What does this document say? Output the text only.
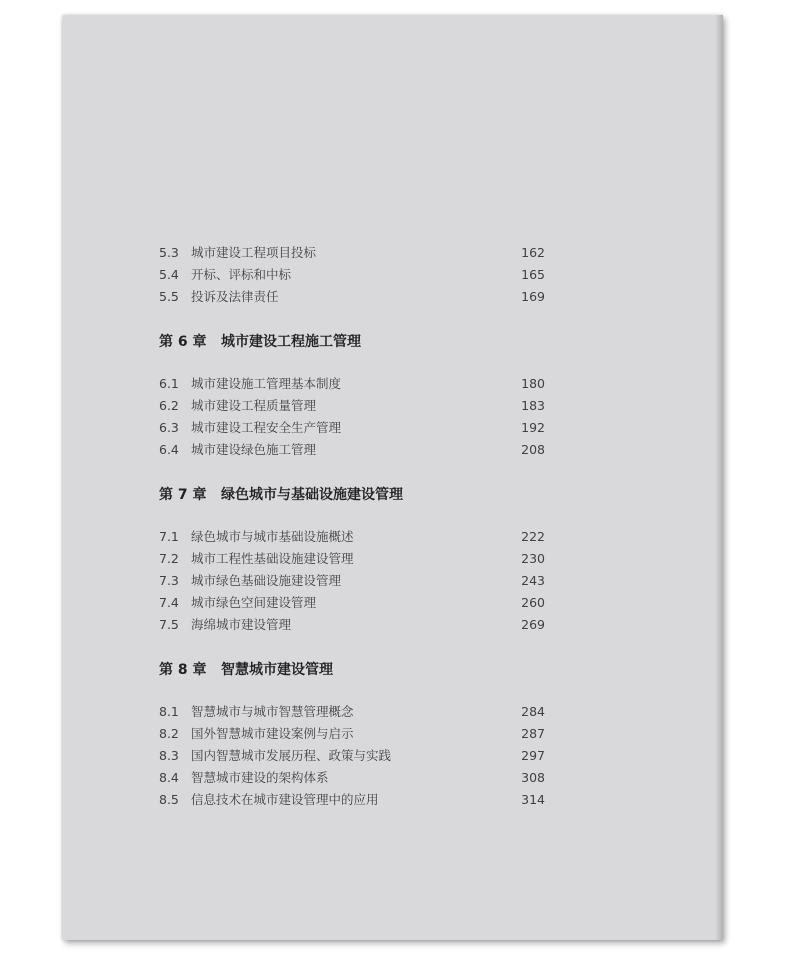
5.3 城市建设工程项目投标	162
5.4 开标、评标和中标	165
5.5 投诉及法律责任	169
第 6 章 城市建设工程施工管理
6.1 城市建设施工管理基本制度	180
6.2 城市建设工程质量管理	183
6.3 城市建设工程安全生产管理	192
6.4 城市建设绿色施工管理	208
第 7 章 绿色城市与基础设施建设管理
7.1 绿色城市与城市基础设施概述	222
7.2 城市工程性基础设施建设管理	230
7.3 城市绿色基础设施建设管理	243
7.4 城市绿色空间建设管理	260
7.5 海绵城市建设管理	269
第 8 章 智慧城市建设管理
8.1 智慧城市与城市智慧管理概念	284
8.2 国外智慧城市建设案例与启示	287
8.3 国内智慧城市发展历程、政策与实践	297
8.4 智慧城市建设的架构体系	308
8.5 信息技术在城市建设管理中的应用	314
